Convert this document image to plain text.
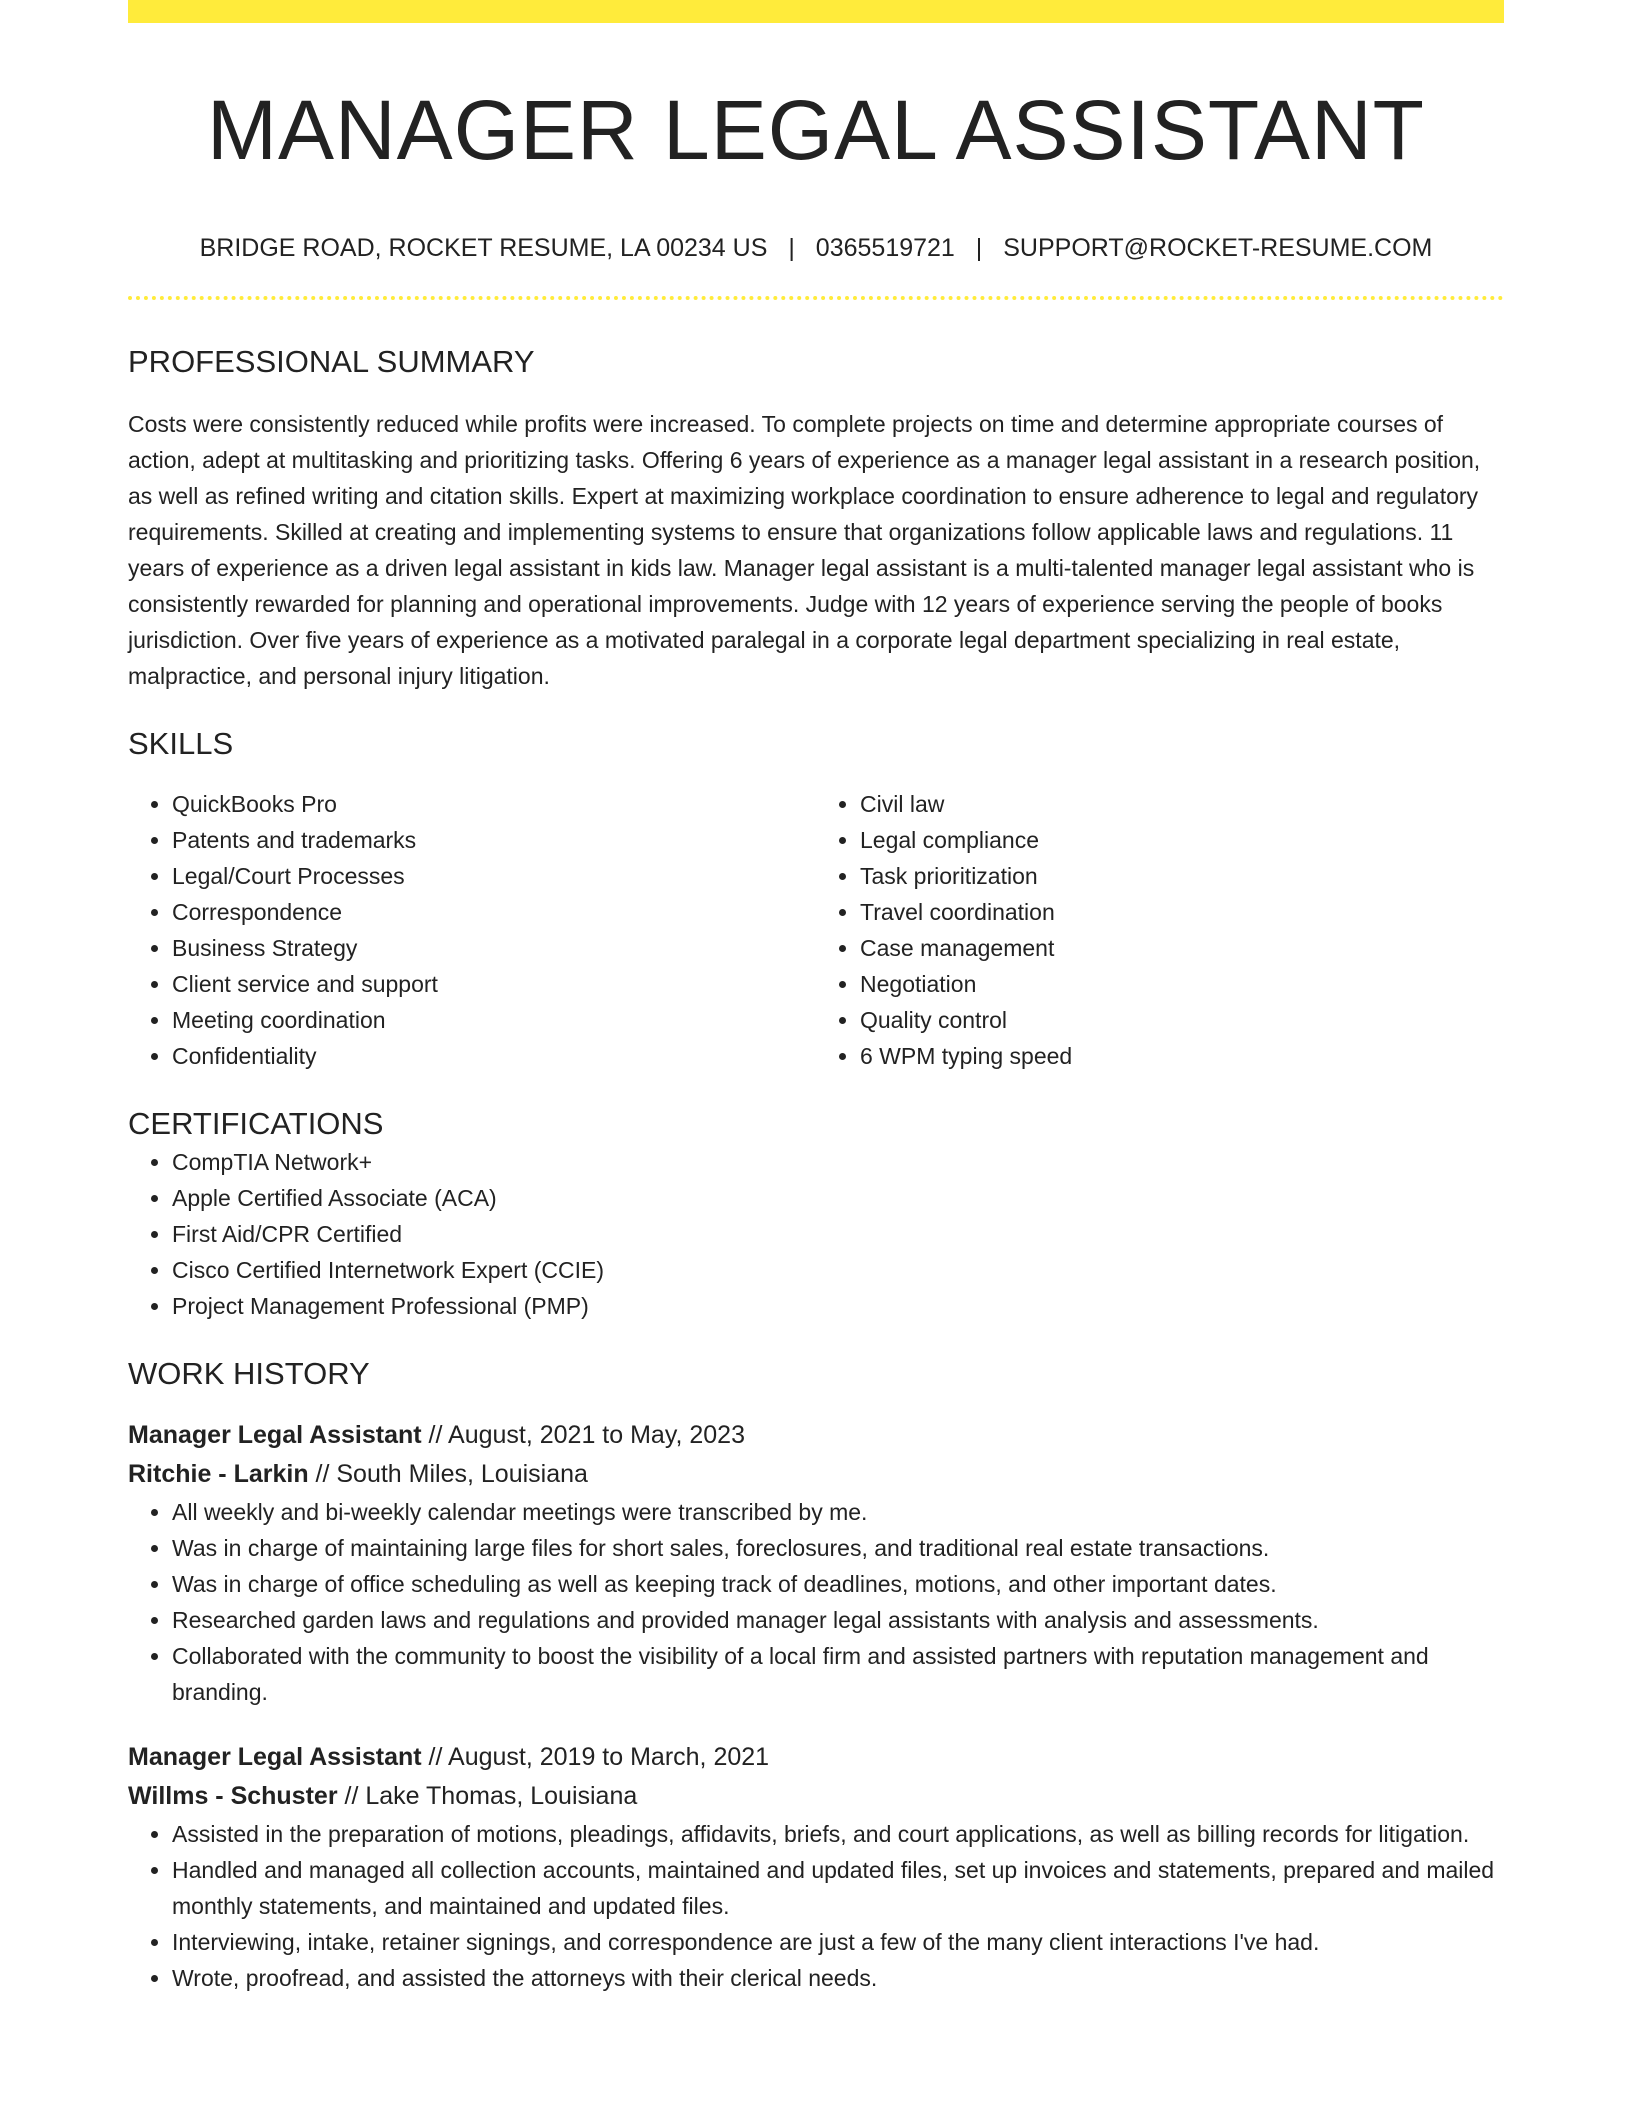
MANAGER LEGAL ASSISTANT
BRIDGE ROAD, ROCKET RESUME, LA 00234 US | 0365519721 | SUPPORT@ROCKET-RESUME.COM
PROFESSIONAL SUMMARY

Costs were consistently reduced while profits were increased. To complete projects on time and determine appropriate courses of action, adept at multitasking and prioritizing tasks. Offering 6 years of experience as a manager legal assistant in a research position, as well as refined writing and citation skills. Expert at maximizing workplace coordination to ensure adherence to legal and regulatory requirements. Skilled at creating and implementing systems to ensure that organizations follow applicable laws and regulations. 11 years of experience as a driven legal assistant in kids law. Manager legal assistant is a multi-talented manager legal assistant who is consistently rewarded for planning and operational improvements. Judge with 12 years of experience serving the people of books jurisdiction. Over five years of experience as a motivated paralegal in a corporate legal department specializing in real estate, malpractice, and personal injury litigation.

SKILLS
• QuickBooks Pro
• Patents and trademarks
• Legal/Court Processes
• Correspondence
• Business Strategy
• Client service and support
• Meeting coordination
• Confidentiality
• Civil law
• Legal compliance
• Task prioritization
• Travel coordination
• Case management
• Negotiation
• Quality control
• 6 WPM typing speed
CERTIFICATIONS
• CompTIA Network+
• Apple Certified Associate (ACA)
• First Aid/CPR Certified
• Cisco Certified Internetwork Expert (CCIE)
• Project Management Professional (PMP)
WORK HISTORY
Manager Legal Assistant // August, 2021 to May, 2023
Ritchie - Larkin // South Miles, Louisiana
• All weekly and bi-weekly calendar meetings were transcribed by me.
• Was in charge of maintaining large files for short sales, foreclosures, and traditional real estate transactions.
• Was in charge of office scheduling as well as keeping track of deadlines, motions, and other important dates.
• Researched garden laws and regulations and provided manager legal assistants with analysis and assessments.
• Collaborated with the community to boost the visibility of a local firm and assisted partners with reputation management and branding.
Manager Legal Assistant // August, 2019 to March, 2021
Willms - Schuster // Lake Thomas, Louisiana
• Assisted in the preparation of motions, pleadings, affidavits, briefs, and court applications, as well as billing records for litigation.
• Handled and managed all collection accounts, maintained and updated files, set up invoices and statements, prepared and mailed monthly statements, and maintained and updated files.
• Interviewing, intake, retainer signings, and correspondence are just a few of the many client interactions I've had.
• Wrote, proofread, and assisted the attorneys with their clerical needs.
